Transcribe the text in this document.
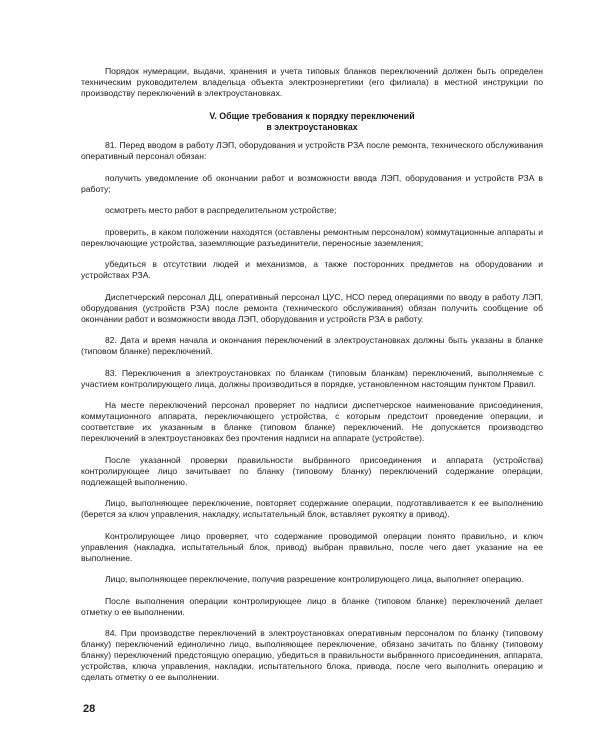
Порядок нумерации, выдачи, хранения и учета типовых бланков переключений должен быть определен техническим руководителем владельца объекта электроэнергетики (его филиала) в местной инструкции по производству переключений в электроустановках.

V. Общие требования к порядку переключений
в электроустановках

81. Перед вводом в работу ЛЭП, оборудования и устройств РЗА после ремонта, технического обслуживания оперативный персонал обязан:

получить уведомление об окончании работ и возможности ввода ЛЭП, оборудования и устройств РЗА в работу;

осмотреть место работ в распределительном устройстве;

проверить, в каком положении находятся (оставлены ремонтным персоналом) коммутационные аппараты и переключающие устройства, заземляющие разъединители, переносные заземления;

убедиться в отсутствии людей и механизмов, а также посторонних предметов на оборудовании и устройствах РЗА.

Диспетчерский персонал ДЦ, оперативный персонал ЦУС, НСО перед операциями по вводу в работу ЛЭП, оборудования (устройств РЗА) после ремонта (технического обслуживания) обязан получить сообщение об окончании работ и возможности ввода ЛЭП, оборудования и устройств РЗА в работу.

82. Дата и время начала и окончания переключений в электроустановках должны быть указаны в бланке (типовом бланке) переключений.

83. Переключения в электроустановках по бланкам (типовым бланкам) переключений, выполняемые с участием контролирующего лица, должны производиться в порядке, установленном настоящим пунктом Правил.

На месте переключений персонал проверяет по надписи диспетчерское наименование присоединения, коммутационного аппарата, переключающего устройства, с которым предстоит проведение операции, и соответствие их указанным в бланке (типовом бланке) переключений. Не допускается производство переключений в электроустановках без прочтения надписи на аппарате (устройстве).

После указанной проверки правильности выбранного присоединения и аппарата (устройства) контролирующее лицо зачитывает по бланку (типовому бланку) переключений содержание операции, подлежащей выполнению.

Лицо, выполняющее переключение, повторяет содержание операции, подготавливается к ее выполнению (берется за ключ управления, накладку, испытательный блок, вставляет рукоятку в привод).

Контролирующее лицо проверяет, что содержание проводимой операции понято правильно, и ключ управления (накладка, испытательный блок, привод) выбран правильно, после чего дает указание на ее выполнение.

Лицо, выполняющее переключение, получив разрешение контролирующего лица, выполняет операцию.

После выполнения операции контролирующее лицо в бланке (типовом бланке) переключений делает отметку о ее выполнении.

84. При производстве переключений в электроустановках оперативным персоналом по бланку (типовому бланку) переключений единолично лицо, выполняющее переключение, обязано зачитать по бланку (типовому бланку) переключений предстоящую операцию, убедиться в правильности выбранного присоединения, аппарата, устройства, ключа управления, накладки, испытательного блока, привода, после чего выполнить операцию и сделать отметку о ее выполнении.

28
